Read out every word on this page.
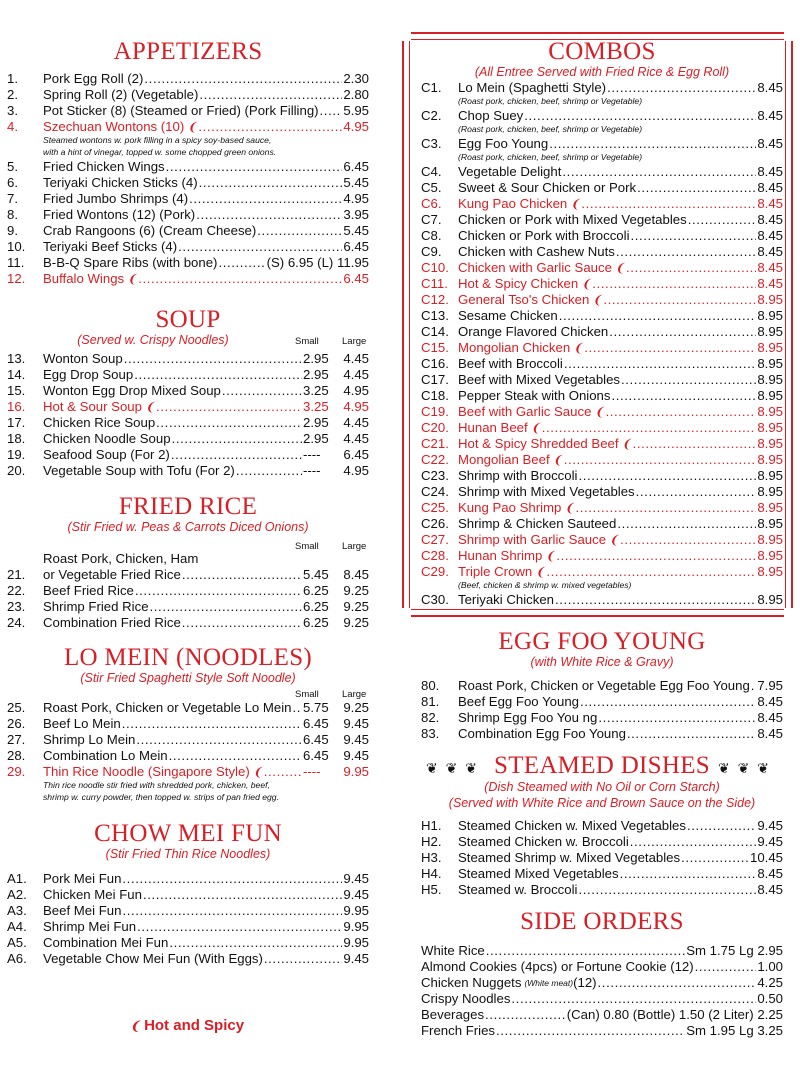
APPETIZERS
1.	Pork Egg Roll (2) .....	2.30
2.	Spring Roll (2) (Vegetable) .....	2.80
3.	Pot Sticker (8) (Steamed or Fried) (Pork Filling) ..... 5.95
4.	Szechuan Wontons (10) ❨ .....	4.95
Steamed wontons w. pork filling in a spicy soy-based sauce,
with a hint of vinegar, topped w. some chopped green onions.
5.	Fried Chicken Wings .....	6.45
6.	Teriyaki Chicken Sticks (4) .....	5.45
7.	Fried Jumbo Shrimps (4) .....	4.95
8.	Fried Wontons (12) (Pork) .....	3.95
9.	Crab Rangoons (6) (Cream Cheese) .....	5.45
10.	Teriyaki Beef Sticks (4) .....	6.45
11.	B-B-Q Spare Ribs (with bone) .....	(S) 6.95 (L) 11.95
12.	Buffalo Wings ❨ .....	6.45
SOUP
(Served w. Crispy Noodles)	Small Large
13.	Wonton Soup .....	2.95	4.45
14.	Egg Drop Soup .....	2.95	4.45
15.	Wonton Egg Drop Mixed Soup .....	3.25	4.95
16.	Hot & Sour Soup ❨ .....	3.25	4.95
17.	Chicken Rice Soup .....	2.95	4.45
18.	Chicken Noodle Soup .....	2.95	4.45
19.	Seafood Soup (For 2) .....	----	6.45
20.	Vegetable Soup with Tofu (For 2) .....	----	4.95
FRIED RICE
(Stir Fried w. Peas & Carrots Diced Onions)
Small Large
Roast Pork, Chicken, Ham
21.	or Vegetable Fried Rice .....	5.45	8.45
22.	Beef Fried Rice .....	6.25	9.25
23.	Shrimp Fried Rice .....	6.25	9.25
24.	Combination Fried Rice .....	6.25	9.25
LO MEIN (NOODLES)
(Stir Fried Spaghetti Style Soft Noodle)
Small Large
25.	Roast Pork, Chicken or Vegetable Lo Mein ..... 5.75	9.25
26.	Beef Lo Mein .....	6.45	9.45
27.	Shrimp Lo Mein .....	6.45	9.45
28.	Combination Lo Mein .....	6.45	9.45
29.	Thin Rice Noodle (Singapore Style) ❨ .....	----	9.95
Thin rice noodle stir fried with shredded pork, chicken, beef,
shrimp w. curry powder, then topped w. strips of pan fried egg.
CHOW MEI FUN
(Stir Fried Thin Rice Noodles)
A1.	Pork Mei Fun .....	9.45
A2.	Chicken Mei Fun .....	9.45
A3.	Beef Mei Fun .....	9.95
A4.	Shrimp Mei Fun .....	9.95
A5.	Combination Mei Fun .....	9.95
A6.	Vegetable Chow Mei Fun (With Eggs) .....	9.45
❨ Hot and Spicy
COMBOS
(All Entree Served with Fried Rice & Egg Roll)
C1.	Lo Mein (Spaghetti Style) .....	8.45
(Roast pork, chicken, beef, shrimp or Vegetable)
C2.	Chop Suey .....	8.45
(Roast pork, chicken, beef, shrimp or Vegetable)
C3.	Egg Foo Young .....	8.45
(Roast pork, chicken, beef, shrimp or Vegetable)
C4.	Vegetable Delight .....	8.45
C5.	Sweet & Sour Chicken or Pork .....	8.45
C6.	Kung Pao Chicken ❨ .....	8.45
C7.	Chicken or Pork with Mixed Vegetables .....	8.45
C8.	Chicken or Pork with Broccoli .....	8.45
C9.	Chicken with Cashew Nuts .....	8.45
C10. Chicken with Garlic Sauce ❨ .....	8.45
C11. Hot & Spicy Chicken ❨ .....	8.45
C12. General Tso's Chicken ❨ .....	8.95
C13. Sesame Chicken .....	8.95
C14. Orange Flavored Chicken .....	8.95
C15. Mongolian Chicken ❨ .....	8.95
C16. Beef with Broccoli .....	8.95
C17. Beef with Mixed Vegetables .....	8.95
C18. Pepper Steak with Onions .....	8.95
C19. Beef with Garlic Sauce ❨ .....	8.95
C20. Hunan Beef ❨ .....	8.95
C21. Hot & Spicy Shredded Beef ❨ .....	8.95
C22. Mongolian Beef ❨ .....	8.95
C23. Shrimp with Broccoli .....	8.95
C24. Shrimp with Mixed Vegetables .....	8.95
C25. Kung Pao Shrimp ❨ .....	8.95
C26. Shrimp & Chicken Sauteed .....	8.95
C27. Shrimp with Garlic Sauce ❨ .....	8.95
C28. Hunan Shrimp ❨ .....	8.95
C29. Triple Crown ❨ .....	8.95
(Beef, chicken & shrimp w. mixed vegetables)
C30. Teriyaki Chicken .....	8.95
EGG FOO YOUNG
(with White Rice & Gravy)
80.	Roast Pork, Chicken or Vegetable Egg Foo Young ..... 7.95
81.	Beef Egg Foo Young .....	8.45
82.	Shrimp Egg Foo You ng .....	8.45
83.	Combination Egg Foo Young .....	8.45
❦ ❦ ❦	❦ ❦ ❦
STEAMED DISHES
(Dish Steamed with No Oil or Corn Starch)
(Served with White Rice and Brown Sauce on the Side)
H1.	Steamed Chicken w. Mixed Vegetables .....	9.45
H2.	Steamed Chicken w. Broccoli .....	9.45
H3.	Steamed Shrimp w. Mixed Vegetables .....	10.45
H4.	Steamed Mixed Vegetables .....	8.45
H5.	Steamed w. Broccoli .....	8.45
SIDE ORDERS
White Rice .....	Sm 1.75 Lg 2.95
Almond Cookies (4pcs) or Fortune Cookie (12) .....	1.00
Chicken Nuggets (White meat) (12) .....	4.25
Crispy Noodles .....	0.50
Beverages .....	(Can) 0.80 (Bottle) 1.50 (2 Liter) 2.25
French Fries .....	Sm 1.95 Lg 3.25
